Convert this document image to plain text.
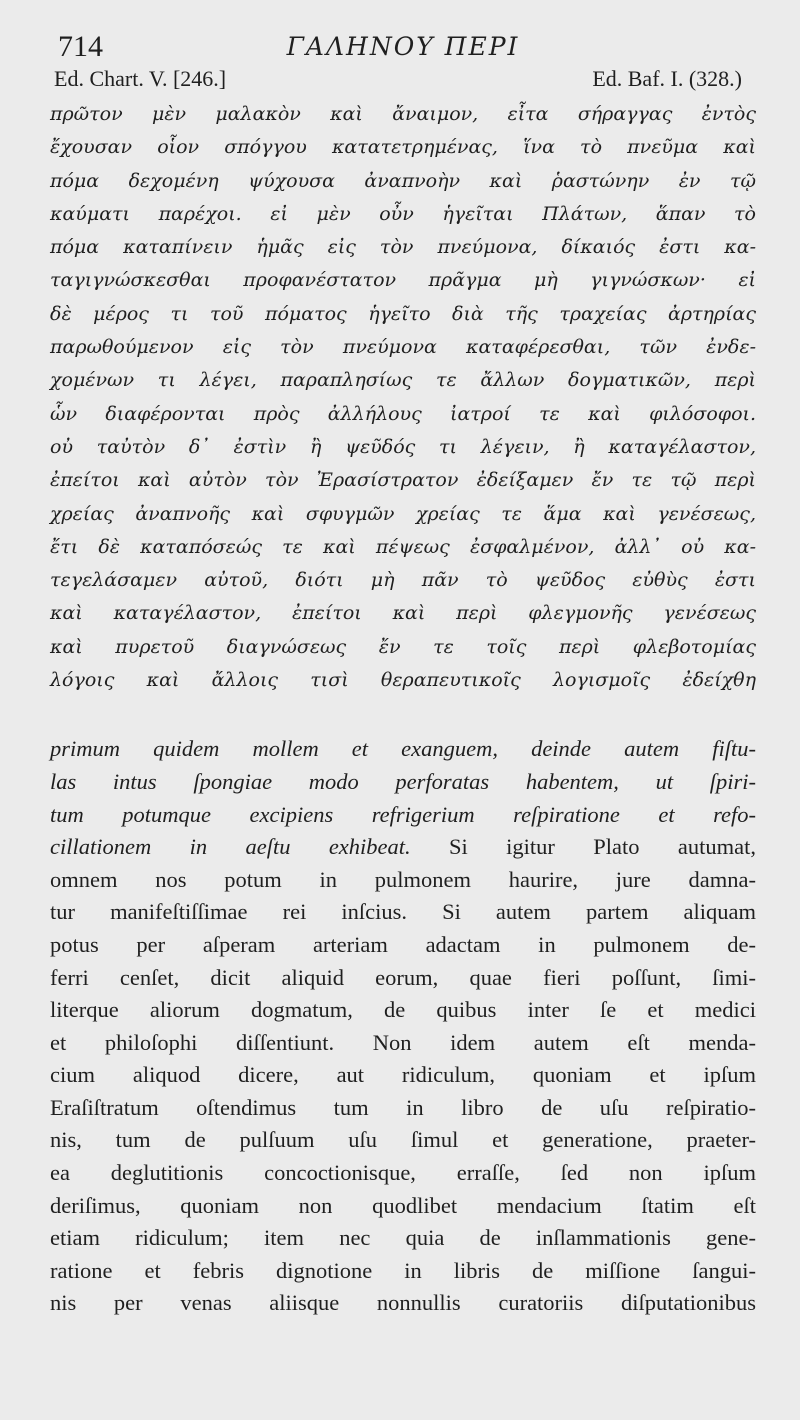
714	ΓΑΛΗΝΟΥ ΠΕΡΙ
Ed. Chart. V. [246.]	Ed. Baf. I. (328.)
πρῶτον μὲν μαλακὸν καὶ ἄναιμον, εἶτα σήραγγας ἐντὸς
ἔχουσαν οἷον σπόγγου κατατετρημένας, ἵνα τὸ πνεῦμα καὶ
πόμα δεχομένη ψύχουσα ἀναπνοὴν καὶ ῥαστώνην ἐν τῷ
καύματι παρέχοι. εἰ μὲν οὖν ἡγεῖται Πλάτων, ἅπαν τὸ
πόμα καταπίνειν ἡμᾶς εἰς τὸν πνεύμονα, δίκαιός ἐστι κα-
ταγιγνώσκεσθαι προφανέστατον πρᾶγμα μὴ γιγνώσκων· εἰ
δὲ μέρος τι τοῦ πόματος ἡγεῖτο διὰ τῆς τραχείας ἀρτηρίας
παρωθούμενον εἰς τὸν πνεύμονα καταφέρεσθαι, τῶν ἐνδε-
χομένων τι λέγει, παραπλησίως τε ἄλλων δογματικῶν, περὶ
ὧν διαφέρονται πρὸς ἀλλήλους ἰατροί τε καὶ φιλόσοφοι.
οὐ ταὐτὸν δ᾽ ἐστὶν ἢ ψεῦδός τι λέγειν, ἢ καταγέλαστον,
ἐπείτοι καὶ αὐτὸν τὸν Ἐρασίστρατον ἐδείξαμεν ἔν τε τῷ περὶ
χρείας ἀναπνοῆς καὶ σφυγμῶν χρείας τε ἅμα καὶ γενέσεως,
ἔτι δὲ καταπόσεώς τε καὶ πέψεως ἐσφαλμένον, ἀλλ᾽ οὐ κα-
τεγελάσαμεν αὐτοῦ, διότι μὴ πᾶν τὸ ψεῦδος εὐθὺς ἐστι
καὶ καταγέλαστον, ἐπείτοι καὶ περὶ φλεγμονῆς γενέσεως
καὶ πυρετοῦ διαγνώσεως ἔν τε τοῖς περὶ φλεβοτομίας
λόγοις καὶ ἄλλοις τισὶ θεραπευτικοῖς λογισμοῖς ἐδείχθη
primum quidem mollem et exanguem, deinde autem fiſtu-
las intus ſpongiae modo perforatas habentem, ut ſpiri-
tum potumque excipiens refrigerium reſpiratione et refo-
cillationem in aeſtu exhibeat. Si igitur Plato autumat,
omnem nos potum in pulmonem haurire, jure damna-
tur manifeſtiſſimae rei inſcius. Si autem partem aliquam
potus per aſperam arteriam adactam in pulmonem de-
ferri cenſet, dicit aliquid eorum, quae fieri poſſunt, ſimi-
literque aliorum dogmatum, de quibus inter ſe et medici
et philoſophi diſſentiunt. Non idem autem eſt menda-
cium aliquod dicere, aut ridiculum, quoniam et ipſum
Eraſiſtratum oſtendimus tum in libro de uſu reſpiratio-
nis, tum de pulſuum uſu ſimul et generatione, praeter-
ea deglutitionis concoctionisque, erraſſe, ſed non ipſum
deriſimus, quoniam non quodlibet mendacium ſtatim eſt
etiam ridiculum; item nec quia de inſlammationis gene-
ratione et febris dignotione in libris de miſſione ſangui-
nis per venas aliisque nonnullis curatoriis diſputationibus
